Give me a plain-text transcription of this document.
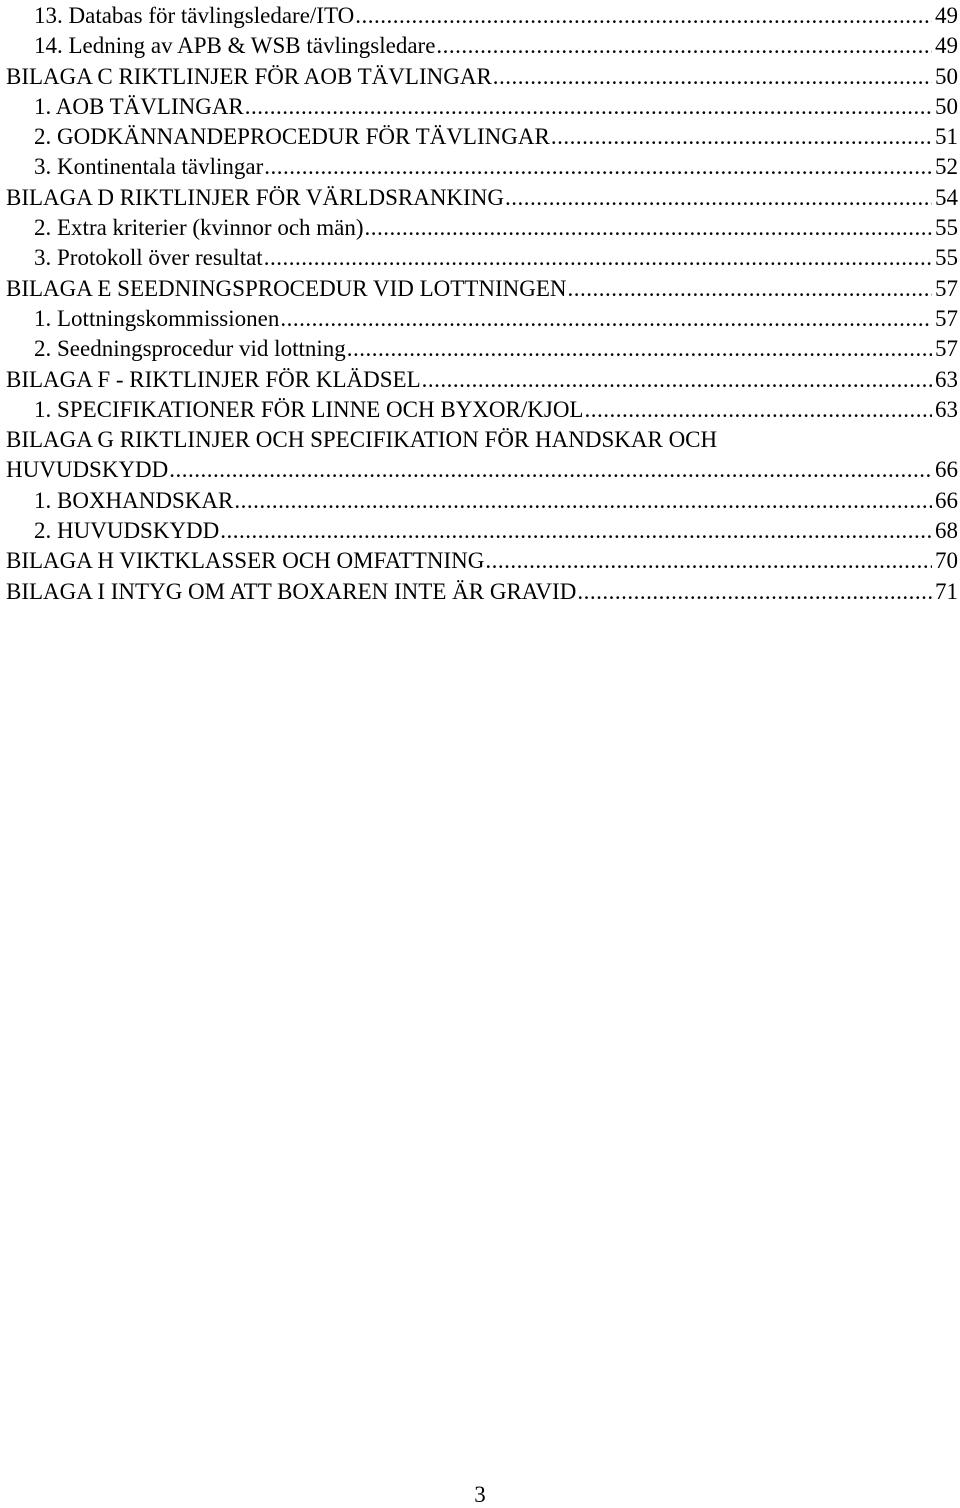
13. Databas för tävlingsledare/ITO .....	49
14. Ledning av APB & WSB tävlingsledare .....	49
BILAGA C RIKTLINJER FÖR AOB TÄVLINGAR .....	50
1. AOB TÄVLINGAR .....	50
2. GODKÄNNANDEPROCEDUR FÖR TÄVLINGAR .....	51
3. Kontinentala tävlingar .....	52
BILAGA D RIKTLINJER FÖR VÄRLDSRANKING .....	54
2. Extra kriterier (kvinnor och män) .....	55
3. Protokoll över resultat .....	55
BILAGA E SEEDNINGSPROCEDUR VID LOTTNINGEN .....	57
1. Lottningskommissionen .....	57
2. Seedningsprocedur vid lottning .....	57
BILAGA F - RIKTLINJER FÖR KLÄDSEL .....	63
1. SPECIFIKATIONER FÖR LINNE OCH BYXOR/KJOL .....	63
BILAGA G RIKTLINJER OCH SPECIFIKATION FÖR HANDSKAR OCH
HUVUDSKYDD .....	66
1. BOXHANDSKAR .....	66
2. HUVUDSKYDD .....	68
BILAGA H VIKTKLASSER OCH OMFATTNING .....	70
BILAGA I INTYG OM ATT BOXAREN INTE ÄR GRAVID .....	71
3
